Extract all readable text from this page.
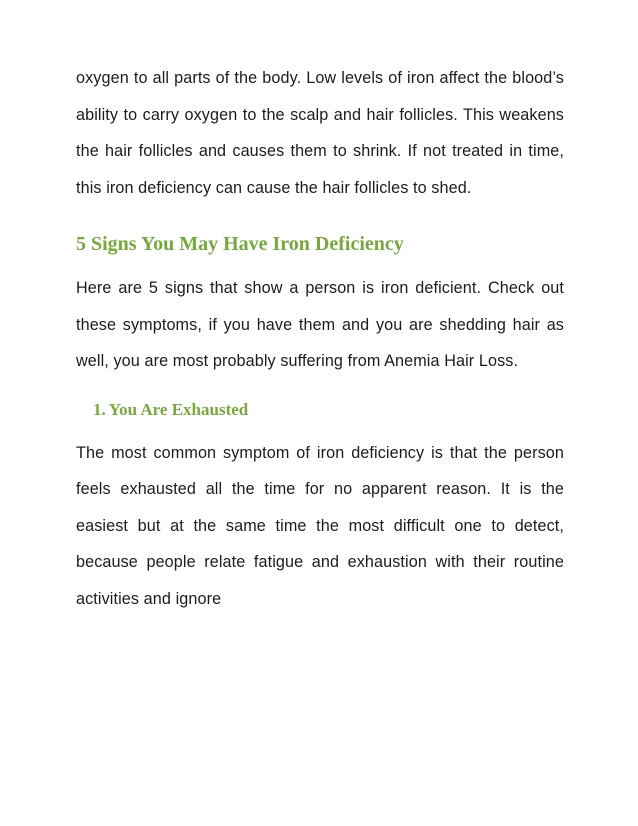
oxygen to all parts of the body. Low levels of iron affect the blood’s ability to carry oxygen to the scalp and hair follicles. This weakens the hair follicles and causes them to shrink. If not treated in time, this iron deficiency can cause the hair follicles to shed.

5 Signs You May Have Iron Deficiency

Here are 5 signs that show a person is iron deficient. Check out these symptoms, if you have them and you are shedding hair as well, you are most probably suffering from Anemia Hair Loss.

1. You Are Exhausted

The most common symptom of iron deficiency is that the person feels exhausted all the time for no apparent reason. It is the easiest but at the same time the most difficult one to detect, because people relate fatigue and exhaustion with their routine activities and ignore
